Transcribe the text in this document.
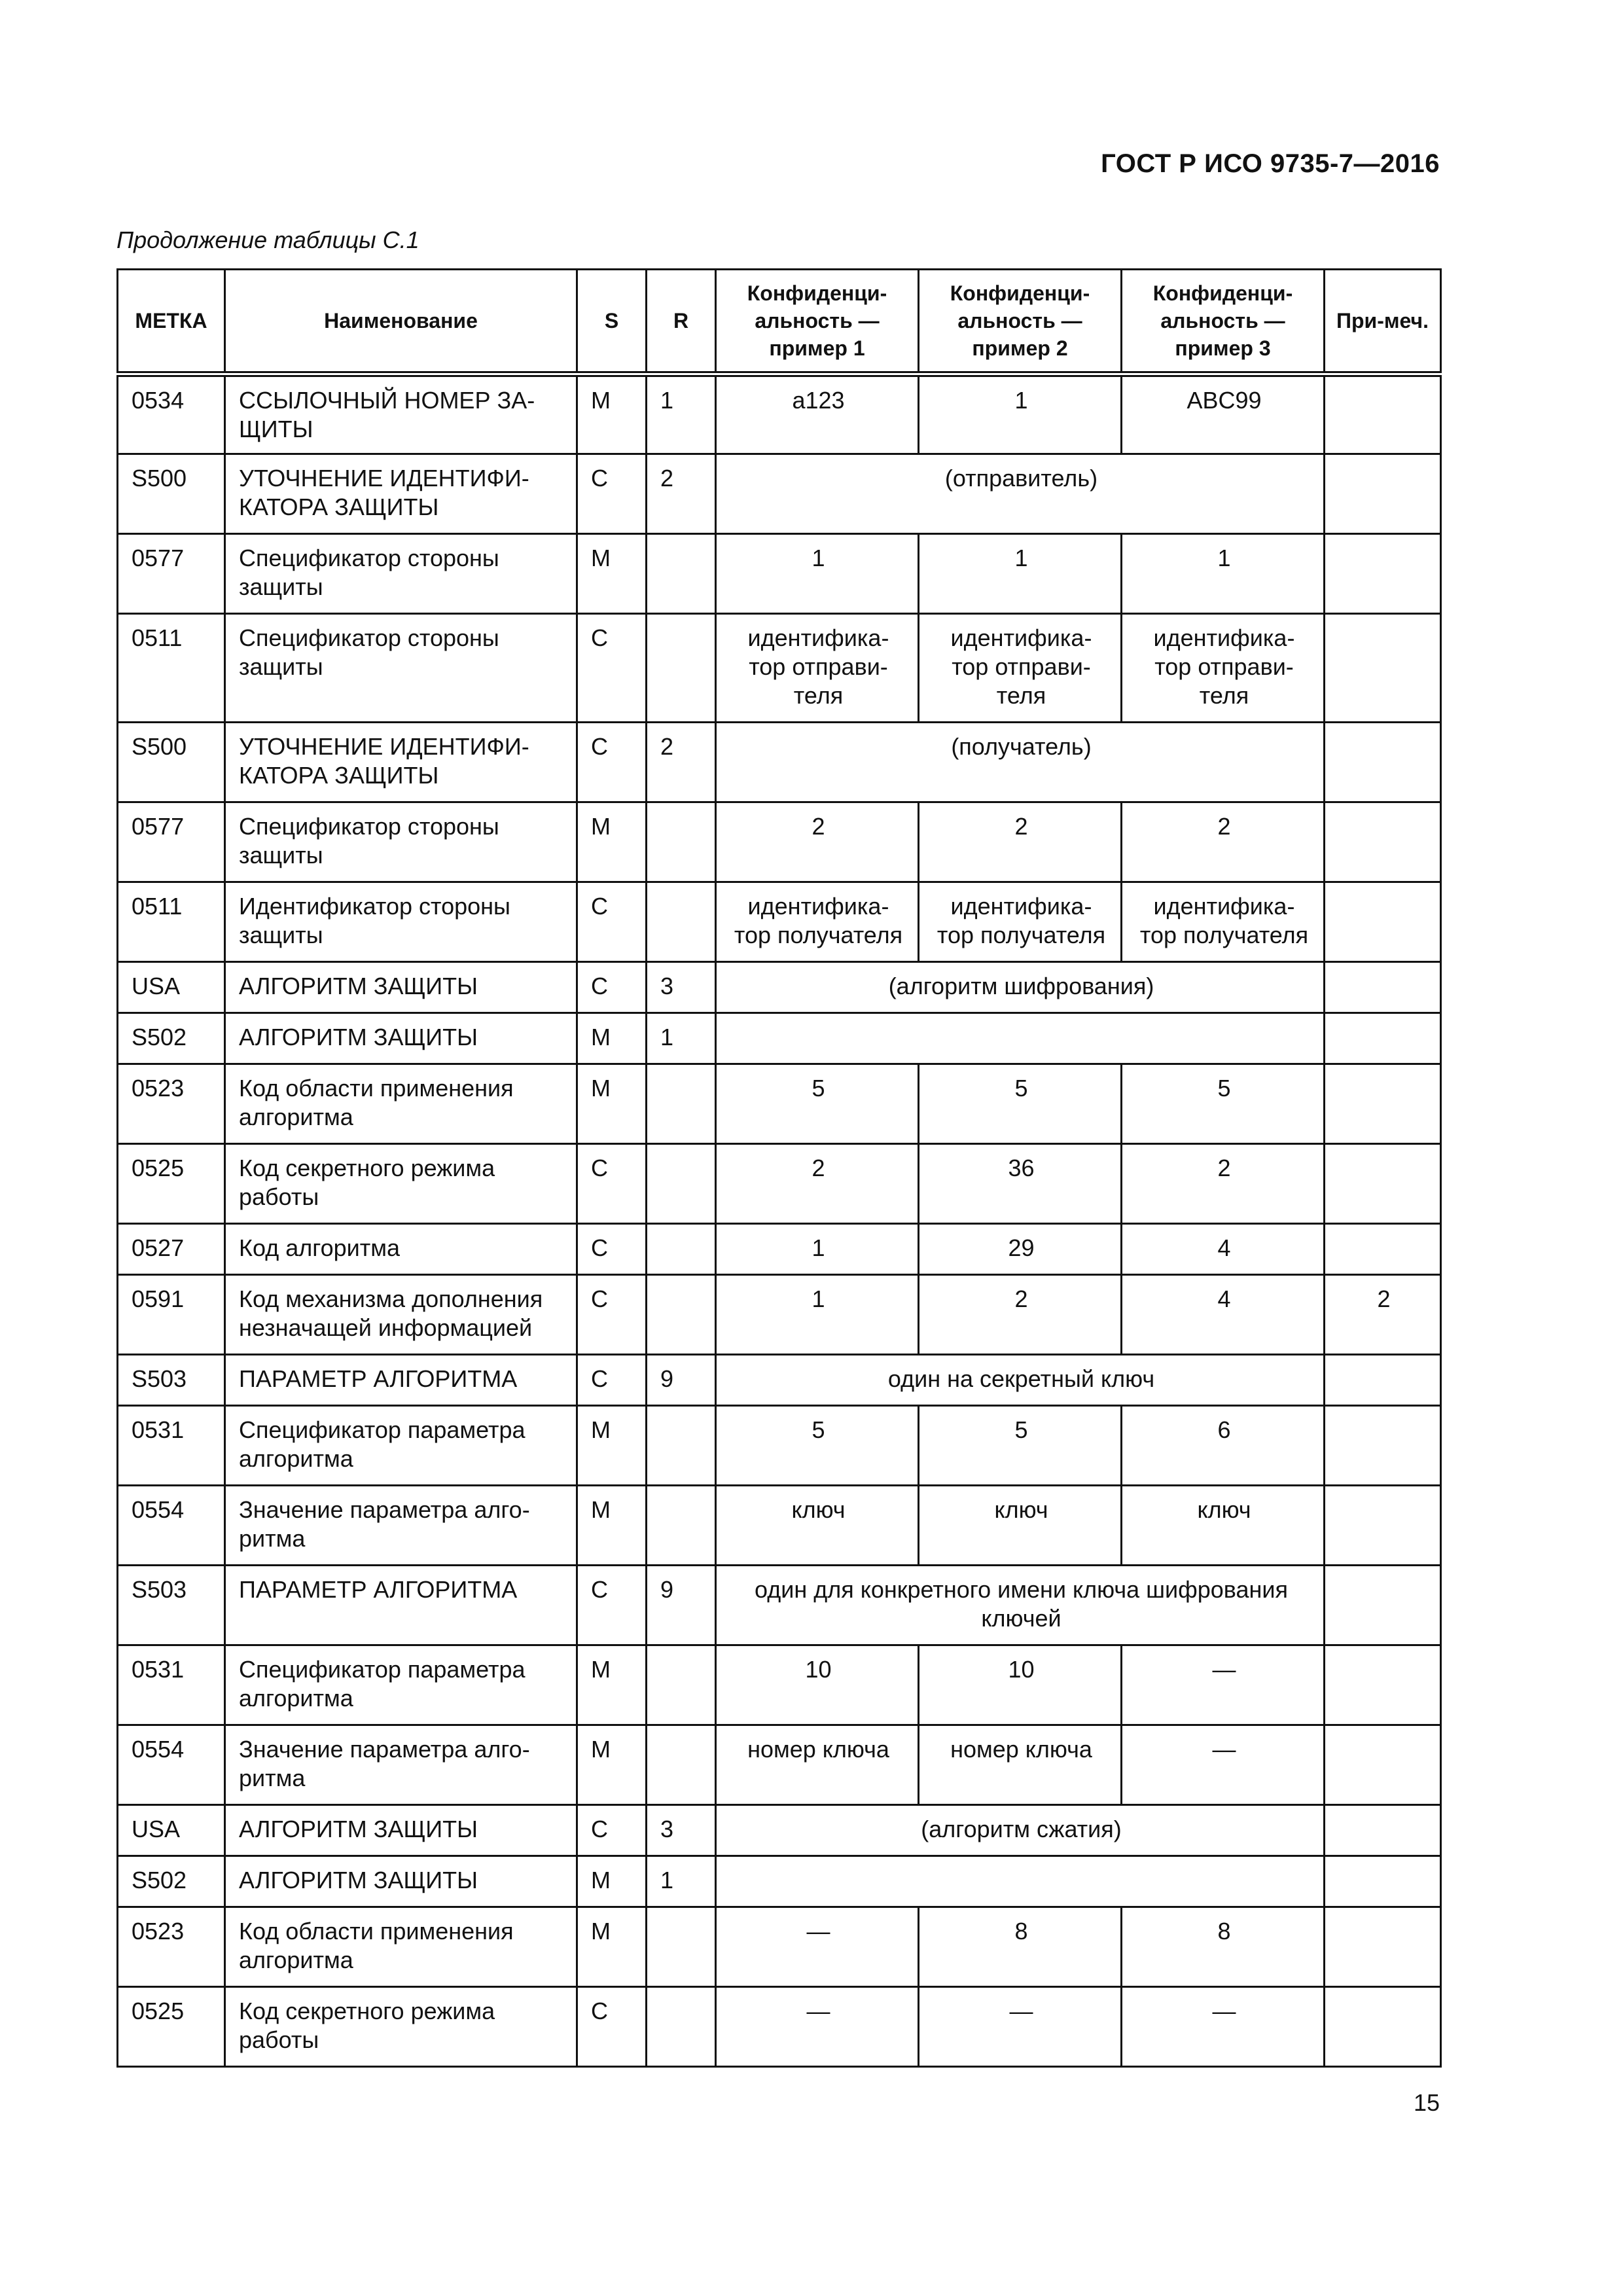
ГОСТ Р ИСО 9735-7—2016
Продолжение таблицы С.1
МЕТКА	Наименование	S	R	Конфиденци-альность — пример 1	Конфиденци-альность — пример 2	Конфиденци-альность — пример 3	При-меч.
0534	ССЫЛОЧНЫЙ НОМЕР ЗА-ЩИТЫ	M	1	a123	1	ABC99	
S500	УТОЧНЕНИЕ ИДЕНТИФИ-КАТОРА ЗАЩИТЫ	C	2	(отправитель)			
0577	Спецификатор стороны защиты	M		1	1	1	
0511	Спецификатор стороны защиты	C		идентифика-тор отправи-теля	идентифика-тор отправи-теля	идентифика-тор отправи-теля	
S500	УТОЧНЕНИЕ ИДЕНТИФИ-КАТОРА ЗАЩИТЫ	C	2	(получатель)			
0577	Спецификатор стороны защиты	M		2	2	2	
0511	Идентификатор стороны защиты	C		идентифика-тор получателя	идентифика-тор получателя	идентифика-тор получателя	
USA	АЛГОРИТМ ЗАЩИТЫ	C	3	(алгоритм шифрования)			
S502	АЛГОРИТМ ЗАЩИТЫ	M	1				
0523	Код области применения алгоритма	M		5	5	5	
0525	Код секретного режима работы	C		2	36	2	
0527	Код алгоритма	C		1	29	4	
0591	Код механизма дополнения незначащей информацией	C		1	2	4	2
S503	ПАРАМЕТР АЛГОРИТМА	C	9	один на секретный ключ			
0531	Спецификатор параметра алгоритма	M		5	5	6	
0554	Значение параметра алго-ритма	M		ключ	ключ	ключ	
S503	ПАРАМЕТР АЛГОРИТМА	C	9	один для конкретного имени ключа шифрования ключей			
0531	Спецификатор параметра алгоритма	M		10	10	—	
0554	Значение параметра алго-ритма	M		номер ключа	номер ключа	—	
USA	АЛГОРИТМ ЗАЩИТЫ	C	3	(алгоритм сжатия)			
S502	АЛГОРИТМ ЗАЩИТЫ	M	1				
0523	Код области применения алгоритма	M		—	8	8	
0525	Код секретного режима работы	C		—	—	—	
15
